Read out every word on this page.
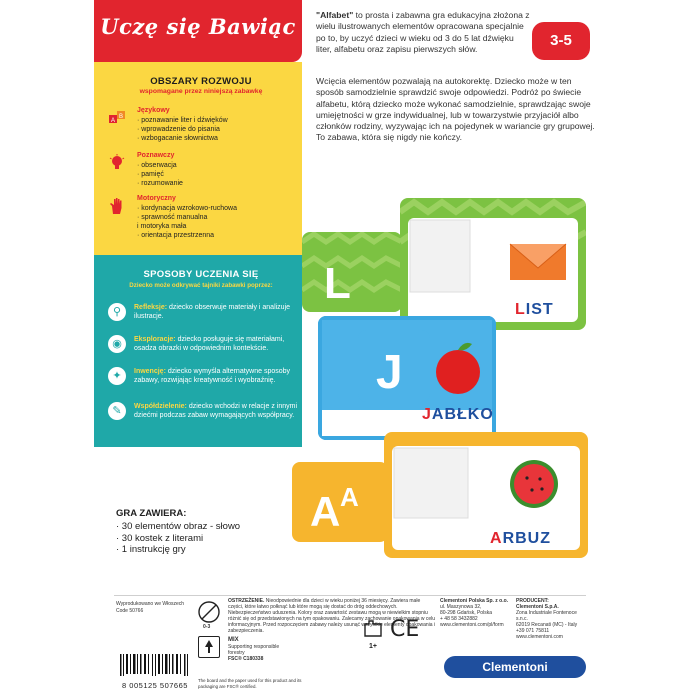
Uczę się Bawiąc
OBSZARY ROZWOJU
wspomagane przez niniejszą zabawkę
A
B
Językowy
· poznawanie liter i dźwięków
· wprowadzenie do pisania
· wzbogacanie słownictwa
Poznawczy
· obserwacja
· pamięć
· rozumowanie
Motoryczny
· kordynacja wzrokowo-ruchowa
· sprawność manualna
i motoryka mała
· orientacja przestrzenna
SPOSOBY UCZENIA SIĘ
Dziecko może odkrywać tajniki zabawki poprzez:
⚲	Refleksje: dziecko obserwuje materiały i analizuje ilustracje.
◉	Eksploracje: dziecko posługuje się materiałami, osadza obrazki w odpowiednim kontekście.
✦	Inwencję: dziecko wymyśla alternatywne sposoby zabawy, rozwijając kreatywność i wyobraźnię.
✎	Współdzielenie: dziecko wchodzi w relacje z innymi dziećmi podczas zabaw wymagających współpracy.
"Alfabet" to prosta i zabawna gra edukacyjna złożona z wielu ilustrowanych elementów opracowana specjalnie po to, by uczyć dzieci w wieku od 3 do 5 lat dźwięku liter, alfabetu oraz zapisu pierwszych słów.
Wcięcia elementów pozwalają na autokorektę. Dziecko może w ten sposób samodzielnie sprawdzić swoje odpowiedzi. Podróż po świecie alfabetu, którą dziecko może wykonać samodzielnie, sprawdzając swoje umiejętności w grze indywidualnej, lub w towarzystwie przyjaciół albo członków rodziny, wyzywając ich na pojedynek w wariancie gry grupowej. To zabawa, która się nigdy nie kończy.
3-5
L
LIST
J
JABŁKO
A A
ARBUZ
GRA ZAWIERA:
· 30 elementów obraz - słowo
· 30 kostek z literami
· 1 instrukcję gry
Wyprodukowano we Włoszech
Code 50766
0-3
OSTRZEŻENIE. Nieodpowiednie dla dzieci w wieku poniżej 36 miesięcy. Zawiera małe części, które łatwo połknąć lub które mogą się dostać do dróg oddechowych. Niebezpieczeństwo uduszenia. Kolory oraz zawartość zestawu mogą w niewielkim stopniu różnić się od przedstawionych na tym opakowaniu. Zalecamy zachowanie opakowania w celu informacyjnym. Przed rozpoczęciem zabawy należy usunąć wszystkie elementy opakowania i zabezpieczenia.
Clementoni Polska Sp. z o.o.
ul. Maszynowa 32,
80-298 Gdańsk, Polska
+ 48 58 3432882
www.clementoni.com/pl/form
PRODUCENT:
Clementoni S.p.A.
Zona Industriale Fontenoce s.n.c.
62019 Recanati (MC) - Italy
+39 071 75811
www.clementoni.com
MIX
Supporting responsible forestry
FSC® C180338
The board and the paper used for this product and its packaging are FSC® certified.
8 005125 507665
1+
CE
Clementoni
